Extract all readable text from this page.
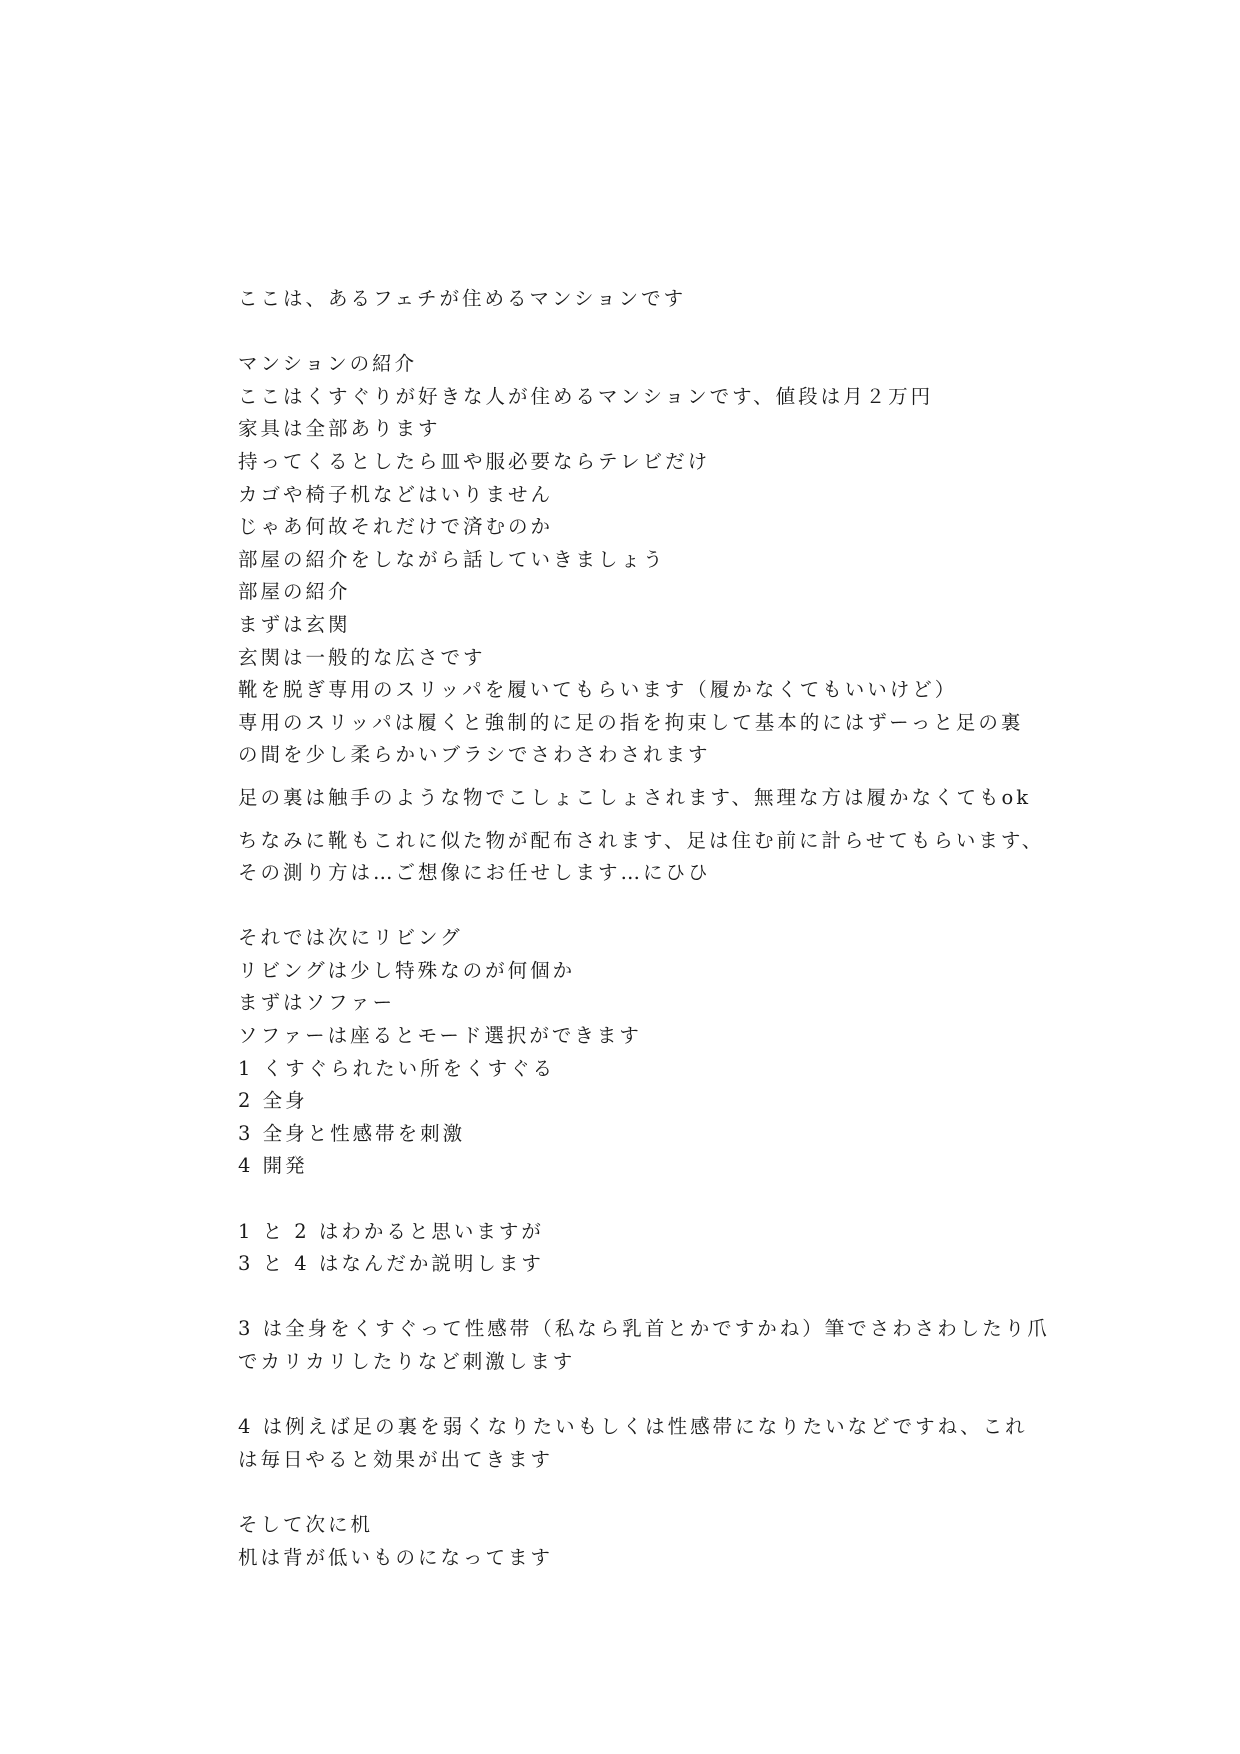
ここは、あるフェチが住めるマンションです
マンションの紹介
ここはくすぐりが好きな人が住めるマンションです、値段は月２万円
家具は全部あります
持ってくるとしたら皿や服必要ならテレビだけ
カゴや椅子机などはいりません
じゃあ何故それだけで済むのか
部屋の紹介をしながら話していきましょう
部屋の紹介
まずは玄関
玄関は一般的な広さです
靴を脱ぎ専用のスリッパを履いてもらいます（履かなくてもいいけど）
専用のスリッパは履くと強制的に足の指を拘束して基本的にはずーっと足の裏
の間を少し柔らかいブラシでさわさわされます
足の裏は触手のような物でこしょこしょされます、無理な方は履かなくてもok
ちなみに靴もこれに似た物が配布されます、足は住む前に計らせてもらいます、
その測り方は…ご想像にお任せします…にひひ
それでは次にリビング
リビングは少し特殊なのが何個か
まずはソファー
ソファーは座るとモード選択ができます
1 くすぐられたい所をくすぐる
2 全身
3 全身と性感帯を刺激
4 開発
1 と 2 はわかると思いますが
3 と 4 はなんだか説明します
3 は全身をくすぐって性感帯（私なら乳首とかですかね）筆でさわさわしたり爪
でカリカリしたりなど刺激します
4 は例えば足の裏を弱くなりたいもしくは性感帯になりたいなどですね、これ
は毎日やると効果が出てきます
そして次に机
机は背が低いものになってます
